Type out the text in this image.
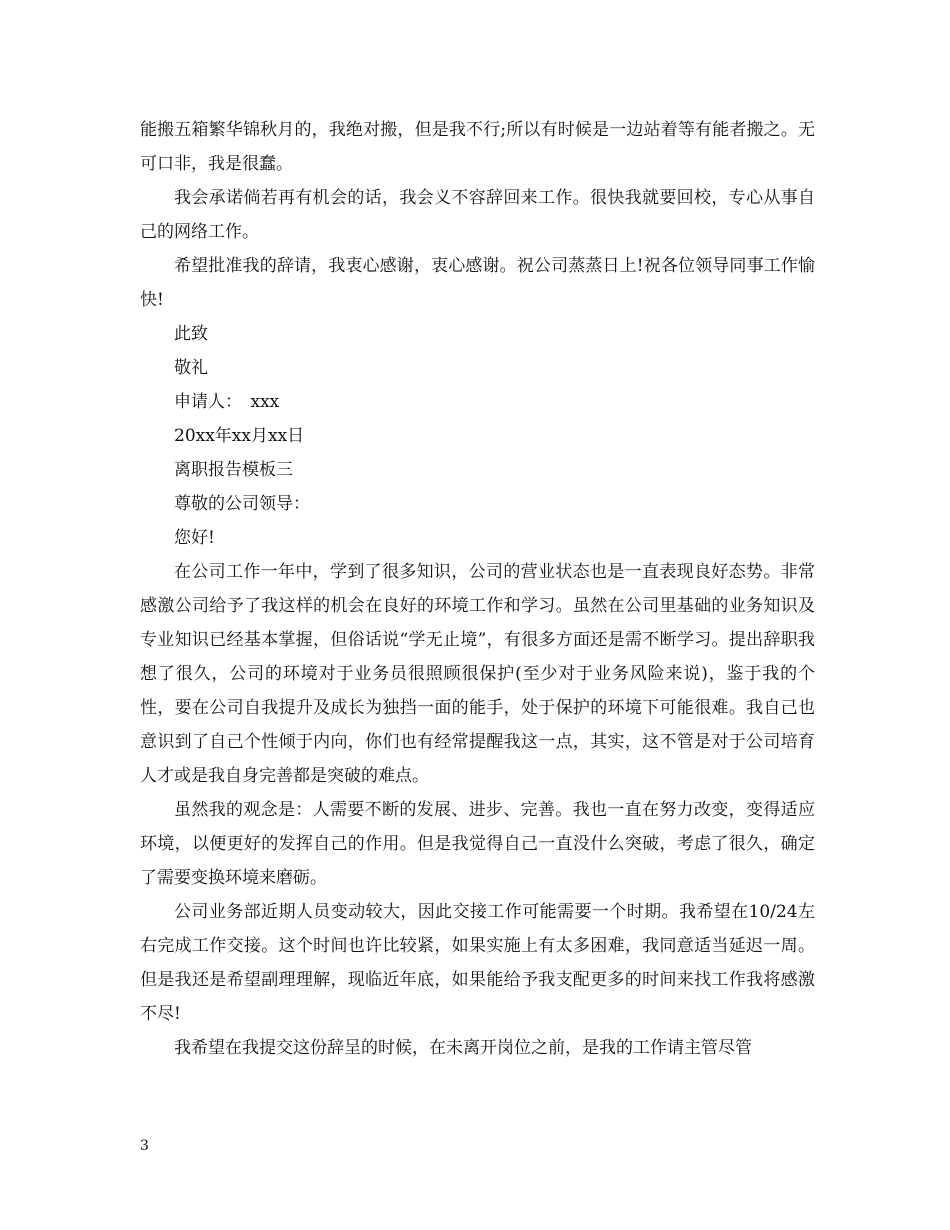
能搬五箱繁华锦秋月的，我绝对搬，但是我不行;所以有时候是一边站着等有能者搬之。无可口非，我是很蠢。

我会承诺倘若再有机会的话，我会义不容辞回来工作。很快我就要回校，专心从事自己的网络工作。

希望批准我的辞请，我衷心感谢，衷心感谢。祝公司蒸蒸日上!祝各位领导同事工作愉快!

此致

敬礼

申请人：　xxx

20xx年xx月xx日

离职报告模板三

尊敬的公司领导：

您好!

在公司工作一年中，学到了很多知识，公司的营业状态也是一直表现良好态势。非常感激公司给予了我这样的机会在良好的环境工作和学习。虽然在公司里基础的业务知识及专业知识已经基本掌握，但俗话说“学无止境”，有很多方面还是需不断学习。提出辞职我想了很久，公司的环境对于业务员很照顾很保护(至少对于业务风险来说)，鉴于我的个性，要在公司自我提升及成长为独挡一面的能手，处于保护的环境下可能很难。我自己也意识到了自己个性倾于内向，你们也有经常提醒我这一点，其实，这不管是对于公司培育人才或是我自身完善都是突破的难点。

虽然我的观念是：人需要不断的发展、进步、完善。我也一直在努力改变，变得适应环境，以便更好的发挥自己的作用。但是我觉得自己一直没什么突破，考虑了很久，确定了需要变换环境来磨砺。

公司业务部近期人员变动较大，因此交接工作可能需要一个时期。我希望在10/24左右完成工作交接。这个时间也许比较紧，如果实施上有太多困难，我同意适当延迟一周。但是我还是希望副理理解，现临近年底，如果能给予我支配更多的时间来找工作我将感激不尽!

我希望在我提交这份辞呈的时候，在未离开岗位之前，是我的工作请主管尽管

3
